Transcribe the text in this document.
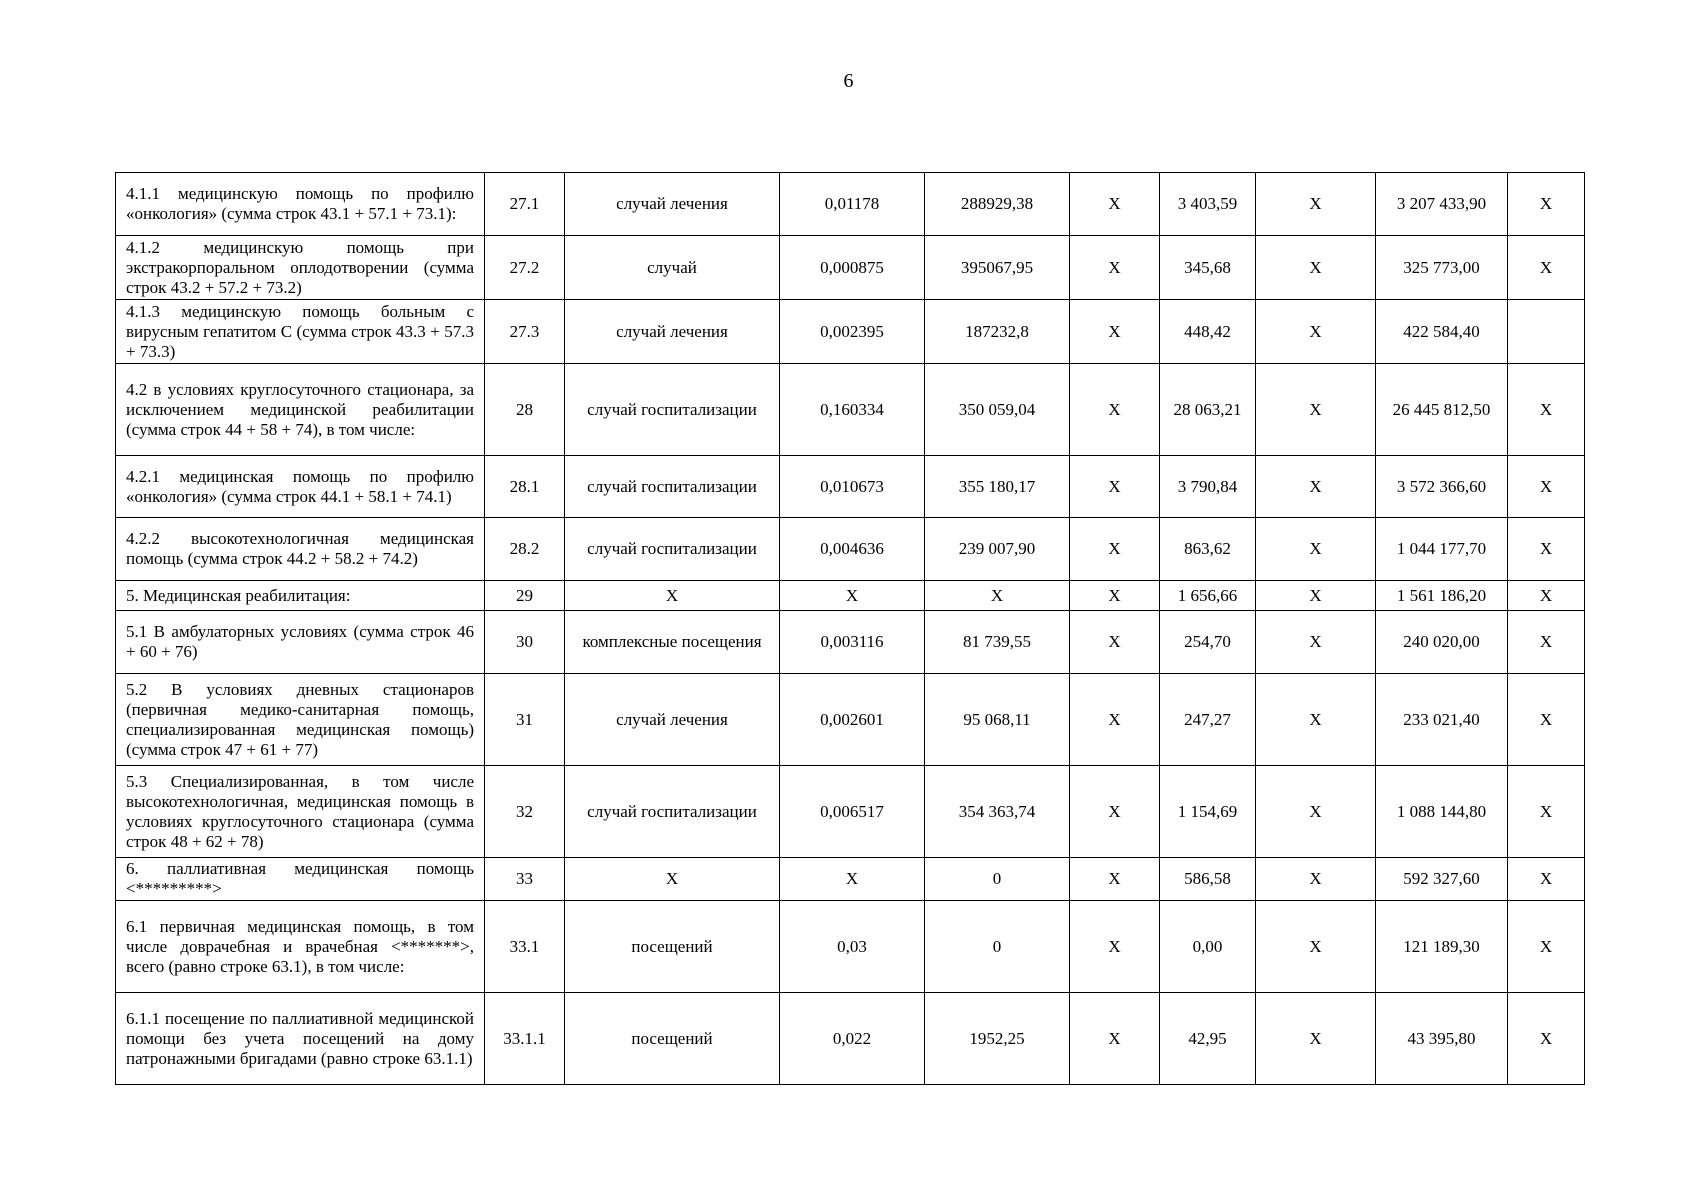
6
4.1.1 медицинскую помощь по профилю «онкология» (сумма строк 43.1 + 57.1 + 73.1):	27.1	случай лечения	0,01178	288929,38	X	3 403,59	X	3 207 433,90	X
4.1.2 медицинскую помощь при экстракорпоральном оплодотворении (сумма строк 43.2 + 57.2 + 73.2)	27.2	случай	0,000875	395067,95	X	345,68	X	325 773,00	X
4.1.3 медицинскую помощь больным с вирусным гепатитом С (сумма строк 43.3 + 57.3 + 73.3)	27.3	случай лечения	0,002395	187232,8	X	448,42	X	422 584,40	
4.2 в условиях круглосуточного стационара, за исключением медицинской реабилитации (сумма строк 44 + 58 + 74), в том числе:	28	случай госпитализации	0,160334	350 059,04	X	28 063,21	X	26 445 812,50	X
4.2.1 медицинская помощь по профилю «онкология» (сумма строк 44.1 + 58.1 + 74.1)	28.1	случай госпитализации	0,010673	355 180,17	X	3 790,84	X	3 572 366,60	X
4.2.2 высокотехнологичная медицинская помощь (сумма строк 44.2 + 58.2 + 74.2)	28.2	случай госпитализации	0,004636	239 007,90	X	863,62	X	1 044 177,70	X
5. Медицинская реабилитация:	29	X	X	X	X	1 656,66	X	1 561 186,20	X
5.1 В амбулаторных условиях (сумма строк 46 + 60 + 76)	30	комплексные посещения	0,003116	81 739,55	X	254,70	X	240 020,00	X
5.2 В условиях дневных стационаров (первичная медико-санитарная помощь, специализированная медицинская помощь) (сумма строк 47 + 61 + 77)	31	случай лечения	0,002601	95 068,11	X	247,27	X	233 021,40	X
5.3 Специализированная, в том числе высокотехнологичная, медицинская помощь в условиях круглосуточного стационара (сумма строк 48 + 62 + 78)	32	случай госпитализации	0,006517	354 363,74	X	1 154,69	X	1 088 144,80	X
6. паллиативная медицинская помощь <*********>	33	X	X	0	X	586,58	X	592 327,60	X
6.1 первичная медицинская помощь, в том числе доврачебная и врачебная <*******>, всего (равно строке 63.1), в том числе:	33.1	посещений	0,03	0	X	0,00	X	121 189,30	X
6.1.1 посещение по паллиативной медицинской помощи без учета посещений на дому патронажными бригадами (равно строке 63.1.1)	33.1.1	посещений	0,022	1952,25	X	42,95	X	43 395,80	X
